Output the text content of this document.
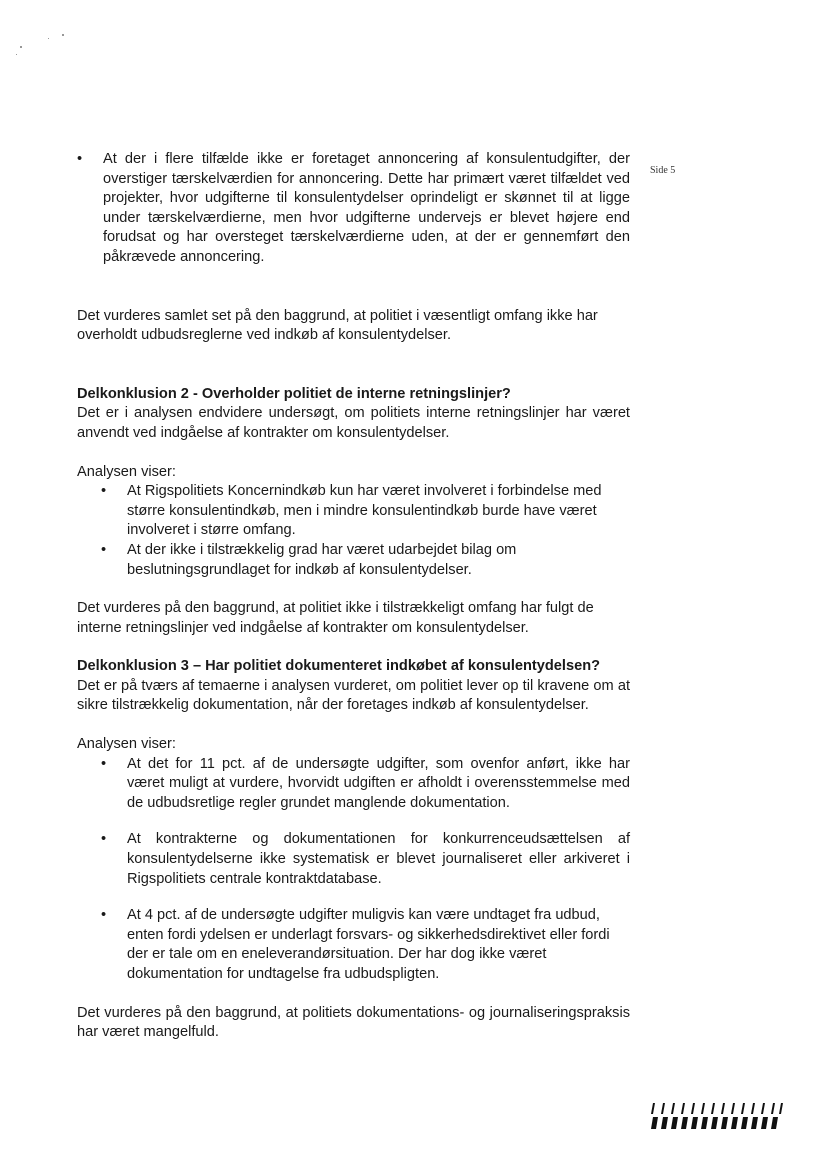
Side 5
• At der i flere tilfælde ikke er foretaget annoncering af konsulentudgifter, der overstiger tærskelværdien for annoncering. Dette har primært været tilfældet ved projekter, hvor udgifterne til konsulentydelser oprindeligt er skønnet til at ligge under tærskelværdierne, men hvor udgifterne undervejs er blevet højere end forudsat og har oversteget tærskelværdierne uden, at der er gennemført den påkrævede annoncering.

Det vurderes samlet set på den baggrund, at politiet i væsentligt omfang ikke har overholdt udbudsreglerne ved indkøb af konsulentydelser.

Delkonklusion 2 - Overholder politiet de interne retningslinjer?

Det er i analysen endvidere undersøgt, om politiets interne retningslinjer har været anvendt ved indgåelse af kontrakter om konsulentydelser.

Analysen viser:
• At Rigspolitiets Koncernindkøb kun har været involveret i forbindelse med større konsulentindkøb, men i mindre konsulentindkøb burde have været involveret i større omfang.
• At der ikke i tilstrækkelig grad har været udarbejdet bilag om beslutningsgrundlaget for indkøb af konsulentydelser.

Det vurderes på den baggrund, at politiet ikke i tilstrækkeligt omfang har fulgt de interne retningslinjer ved indgåelse af kontrakter om konsulentydelser.

Delkonklusion 3 – Har politiet dokumenteret indkøbet af konsulentydelsen?

Det er på tværs af temaerne i analysen vurderet, om politiet lever op til kravene om at sikre tilstrækkelig dokumentation, når der foretages indkøb af konsulentydelser.

Analysen viser:
• At det for 11 pct. af de undersøgte udgifter, som ovenfor anført, ikke har været muligt at vurdere, hvorvidt udgiften er afholdt i overensstemmelse med de udbudsretlige regler grundet manglende dokumentation.
• At kontrakterne og dokumentationen for konkurrenceudsættelsen af konsulentydelserne ikke systematisk er blevet journaliseret eller arkiveret i Rigspolitiets centrale kontraktdatabase.
• At 4 pct. af de undersøgte udgifter muligvis kan være undtaget fra udbud, enten fordi ydelsen er underlagt forsvars- og sikkerhedsdirektivet eller fordi der er tale om en eneleverandørsituation. Der har dog ikke været dokumentation for undtagelse fra udbudspligten.

Det vurderes på den baggrund, at politiets dokumentations- og journaliseringspraksis har været mangelfuld.
